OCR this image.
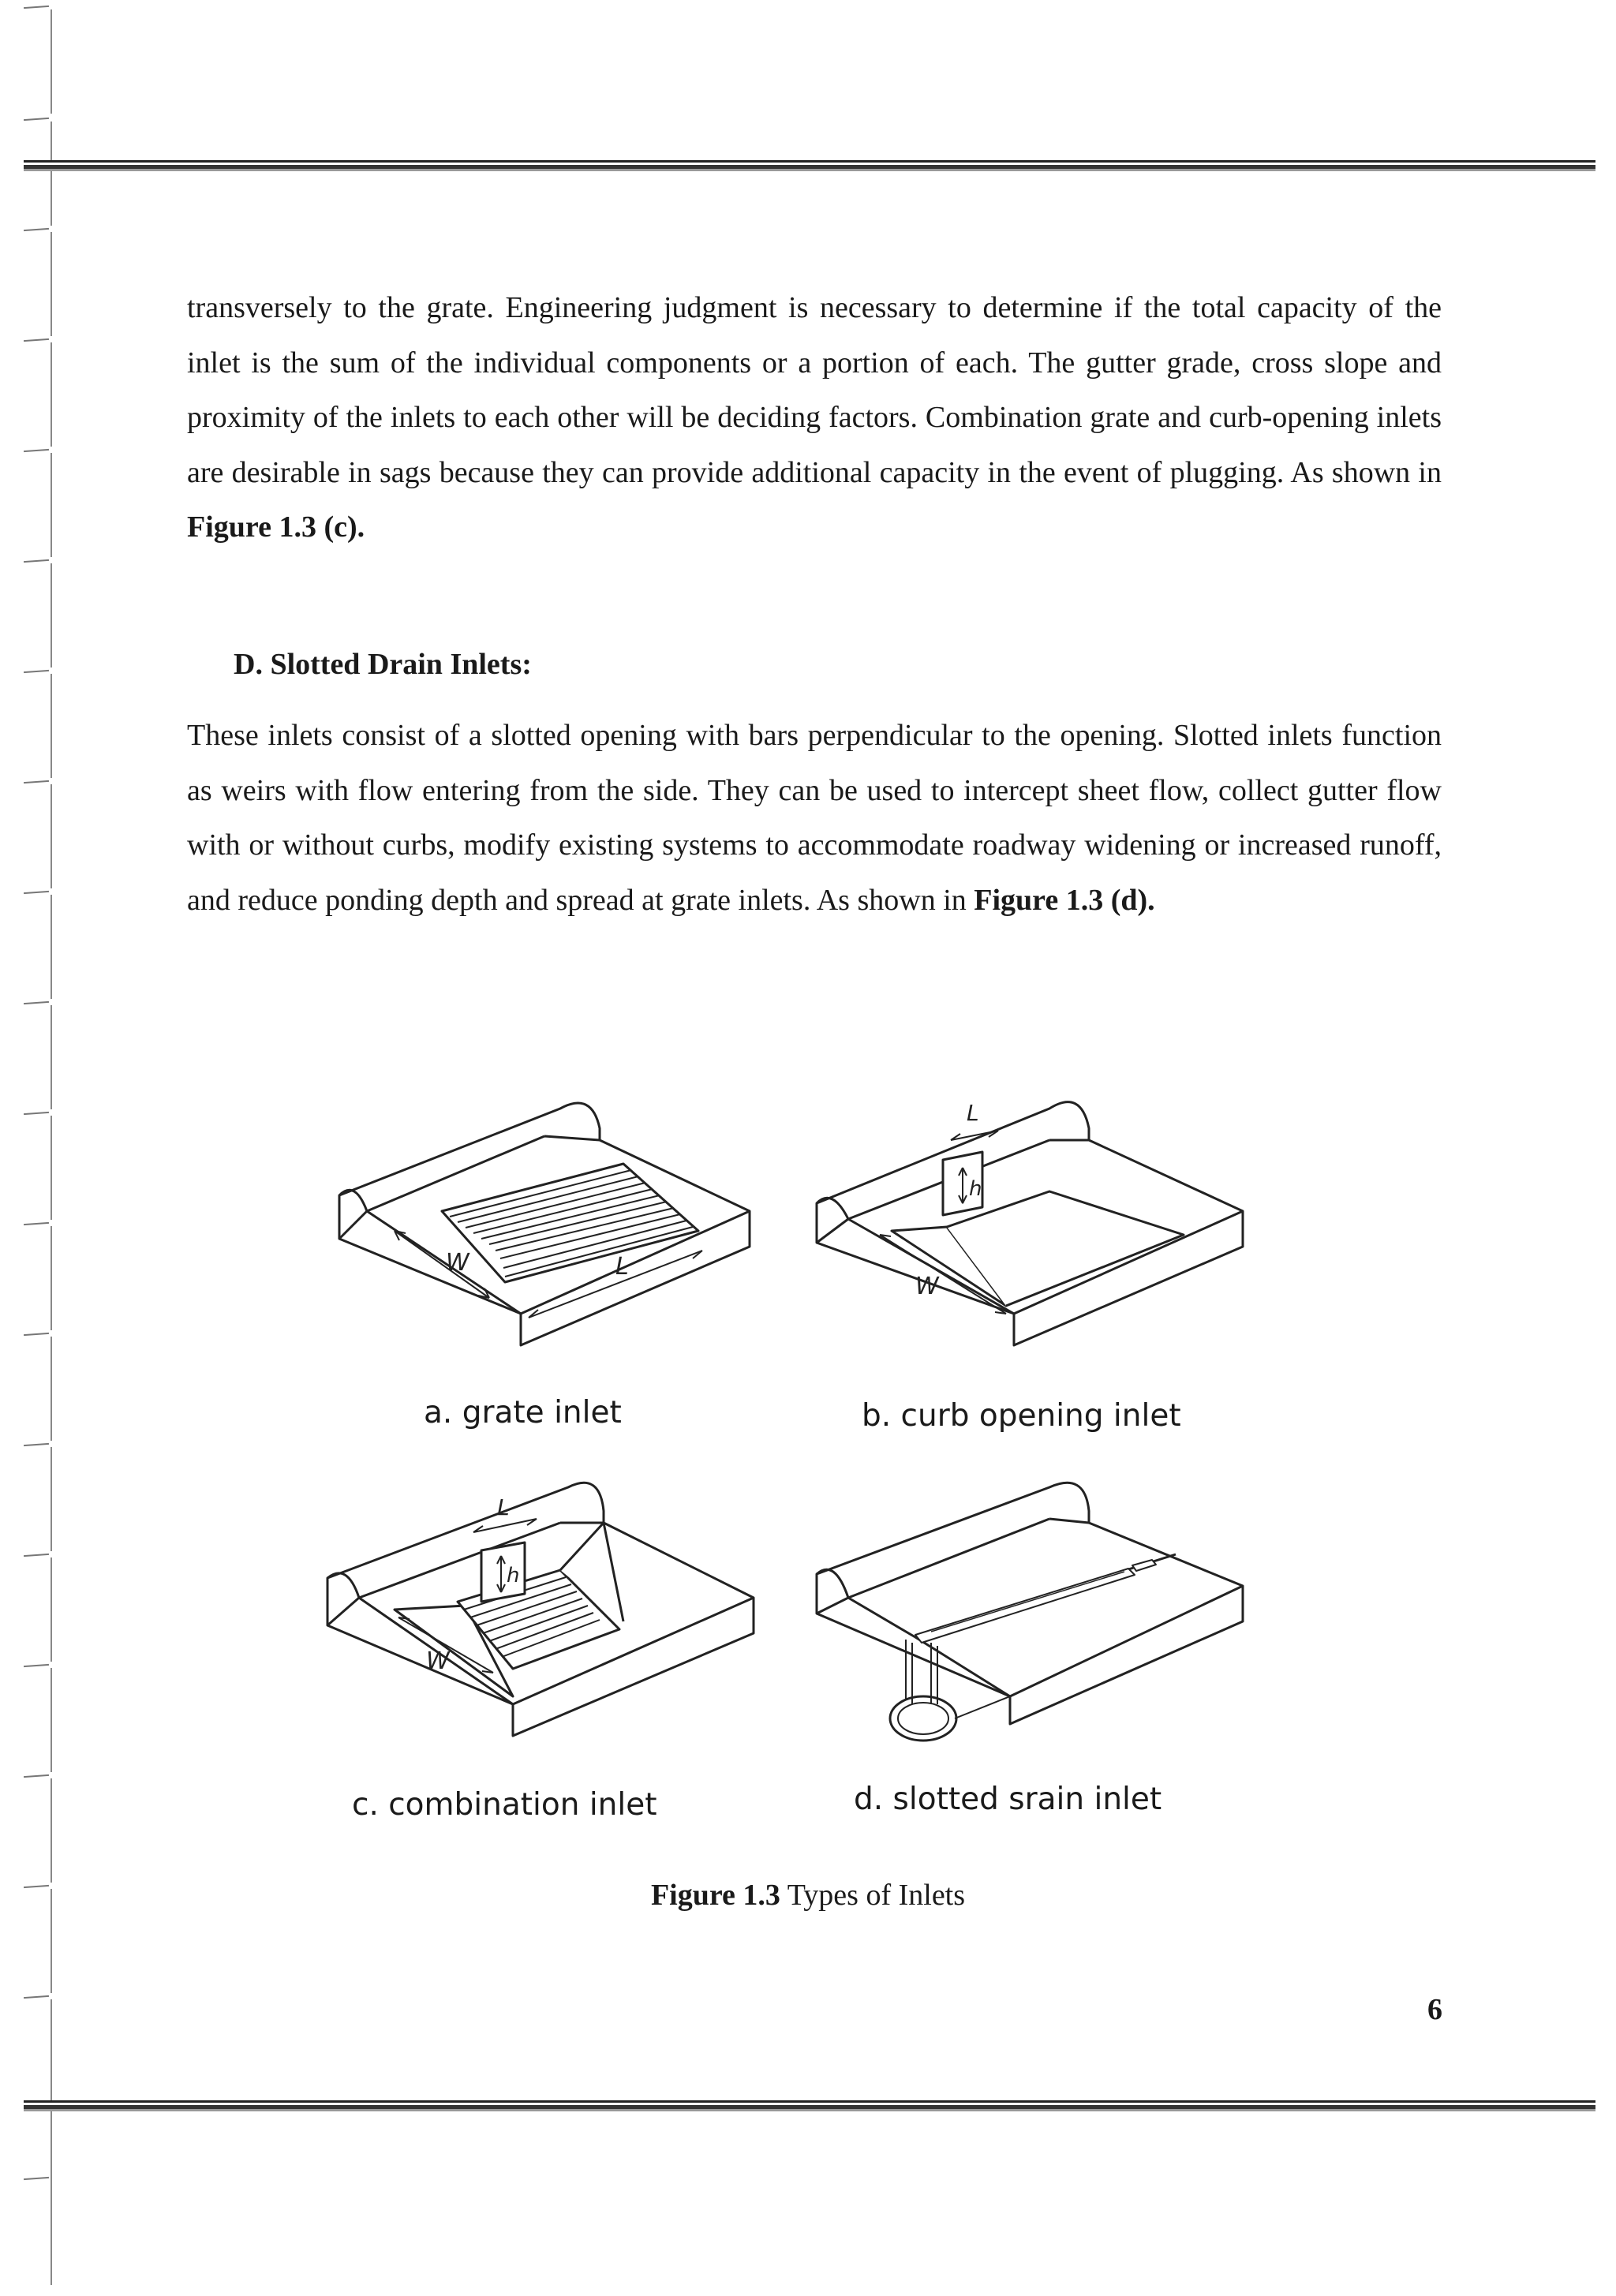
transversely to the grate. Engineering judgment is necessary to determine if the total capacity of the inlet is the sum of the individual components or a portion of each. The gutter grade, cross slope and proximity of the inlets to each other will be deciding factors. Combination grate and curb-opening inlets are desirable in sags because they can provide additional capacity in the event of plugging. As shown in Figure 1.3 (c).

D. Slotted Drain Inlets:

These inlets consist of a slotted opening with bars perpendicular to the opening. Slotted inlets function as weirs with flow entering from the side. They can be used to intercept sheet flow, collect gutter flow with or without curbs, modify existing systems to accommodate roadway widening or increased runoff, and reduce ponding depth and spread at grate inlets. As shown in Figure 1.3 (d).

W	L
a. grate inlet
L
h
W
b. curb opening inlet
L
h
W
c. combination inlet	d. slotted srain inlet
Figure 1.3 Types of Inlets
6
